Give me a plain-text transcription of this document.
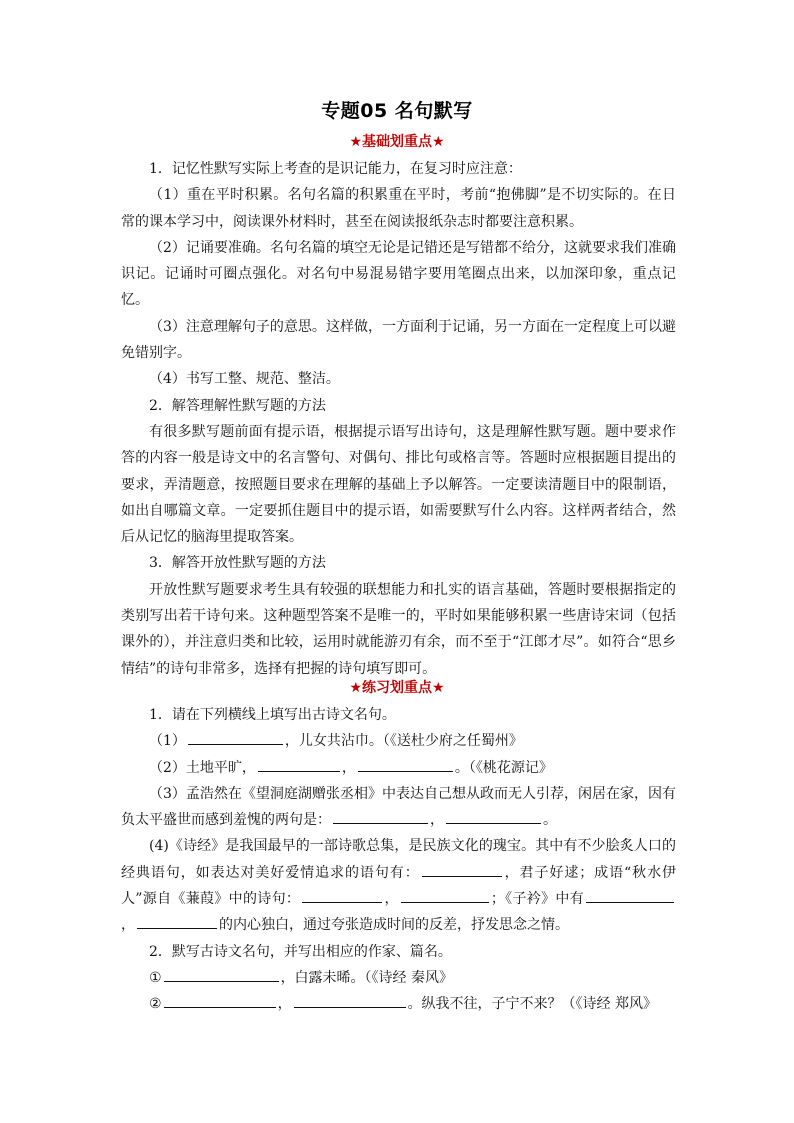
专题05 名句默写
★基础划重点★

1．记忆性默写实际上考查的是识记能力，在复习时应注意：

（1）重在平时积累。名句名篇的积累重在平时，考前“抱佛脚”是不切实际的。在日常的课本学习中，阅读课外材料时，甚至在阅读报纸杂志时都要注意积累。

（2）记诵要准确。名句名篇的填空无论是记错还是写错都不给分，这就要求我们准确识记。记诵时可圈点强化。对名句中易混易错字要用笔圈点出来，以加深印象，重点记忆。

（3）注意理解句子的意思。这样做，一方面利于记诵，另一方面在一定程度上可以避免错别字。

（4）书写工整、规范、整洁。

2．解答理解性默写题的方法

有很多默写题前面有提示语，根据提示语写出诗句，这是理解性默写题。题中要求作答的内容一般是诗文中的名言警句、对偶句、排比句或格言等。答题时应根据题目提出的要求，弄清题意，按照题目要求在理解的基础上予以解答。一定要读清题目中的限制语，如出自哪篇文章。一定要抓住题目中的提示语，如需要默写什么内容。这样两者结合，然后从记忆的脑海里提取答案。

3．解答开放性默写题的方法

开放性默写题要求考生具有较强的联想能力和扎实的语言基础，答题时要根据指定的类别写出若干诗句来。这种题型答案不是唯一的，平时如果能够积累一些唐诗宋词（包括课外的），并注意归类和比较，运用时就能游刃有余，而不至于“江郎才尽”。如符合“思乡情结”的诗句非常多，选择有把握的诗句填写即可。

★练习划重点★

1．请在下列横线上填写出古诗文名句。

（1）	，儿女共沾巾。（《送杜少府之任蜀州》

（2）土地平旷，	，	。（《桃花源记》

（3）孟浩然在《望洞庭湖赠张丞相》中表达自己想从政而无人引荐，闲居在家，因有负太平盛世而感到羞愧的两句是：	，	。

(4)《诗经》是我国最早的一部诗歌总集，是民族文化的瑰宝。其中有不少脍炙人口的经典语句，如表达对美好爱情追求的语句有：	，君子好逑；成语“秋水伊人”源自《蒹葭》中的诗句：	，	；《子衿》中有，	的内心独白，通过夸张造成时间的反差，抒发思念之情。

2．默写古诗文名句，并写出相应的作家、篇名。

①	，白露未晞。（《诗经 秦风》

②	，	。纵我不往，子宁不来？（《诗经 郑风》
